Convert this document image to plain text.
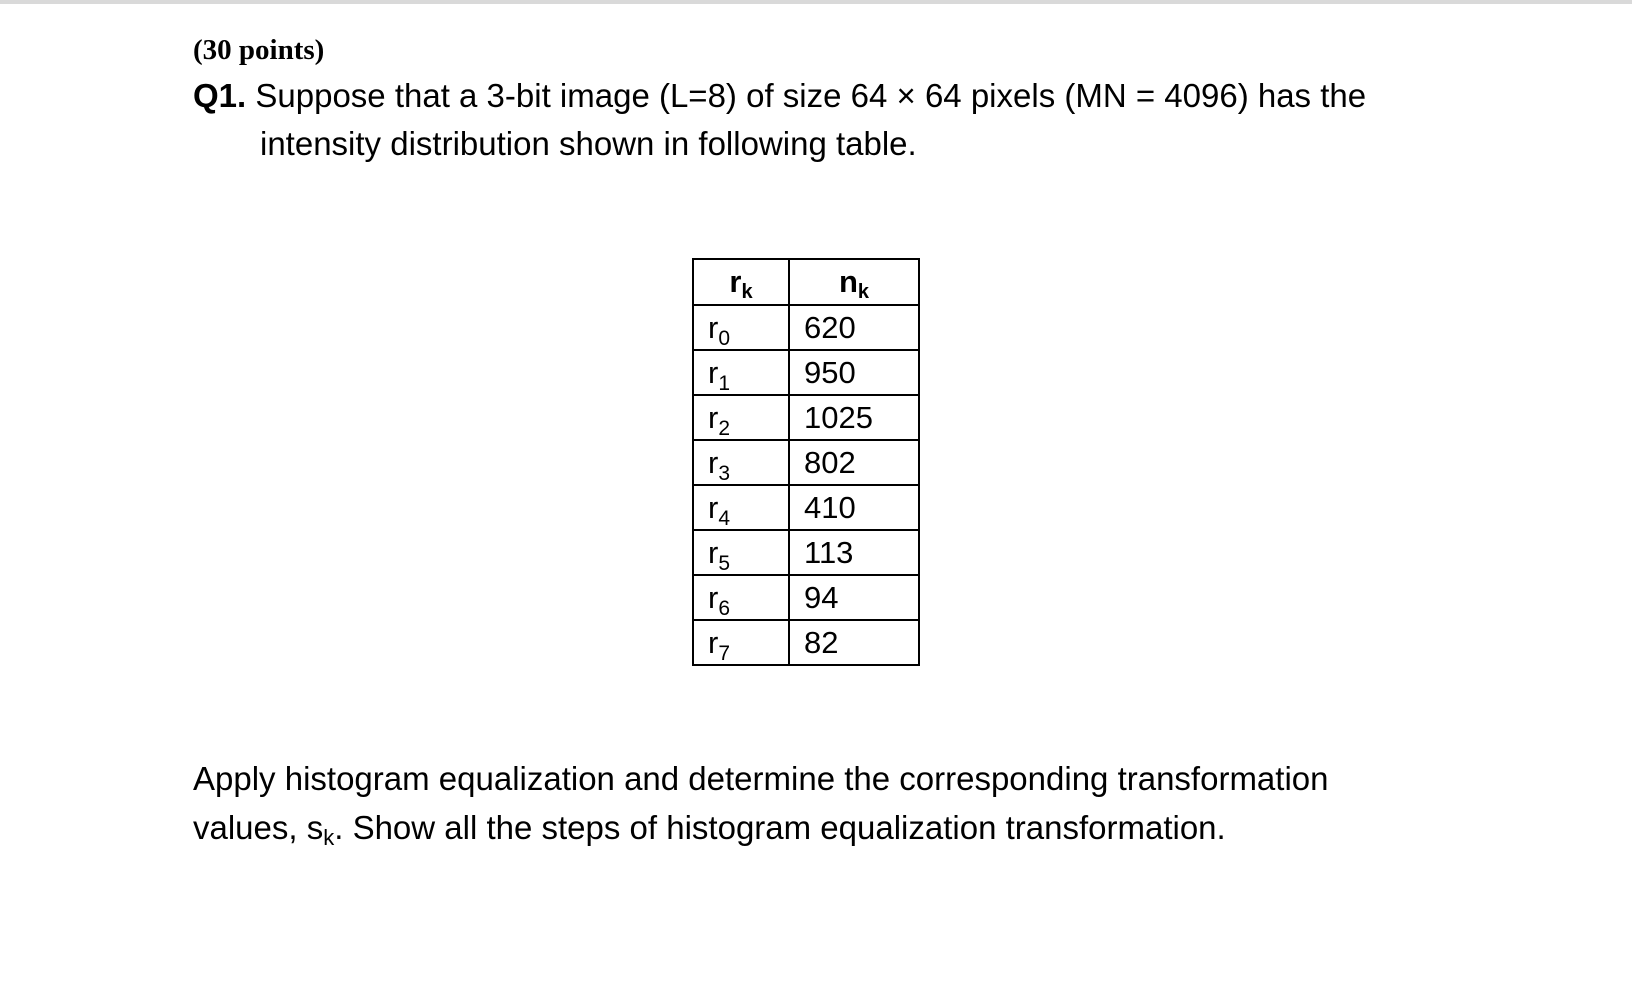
(30 points)
Q1. Suppose that a 3-bit image (L=8) of size 64 × 64 pixels (MN = 4096) has the
intensity distribution shown in following table.
rk	nk
$r_0$	620
$r_1$	950
$r_2$	1025
$r_3$	802
$r_4$	410
$r_5$	113
$r_6$	94
$r_7$	82
Apply histogram equalization and determine the corresponding transformation
values, sk. Show all the steps of histogram equalization transformation.
